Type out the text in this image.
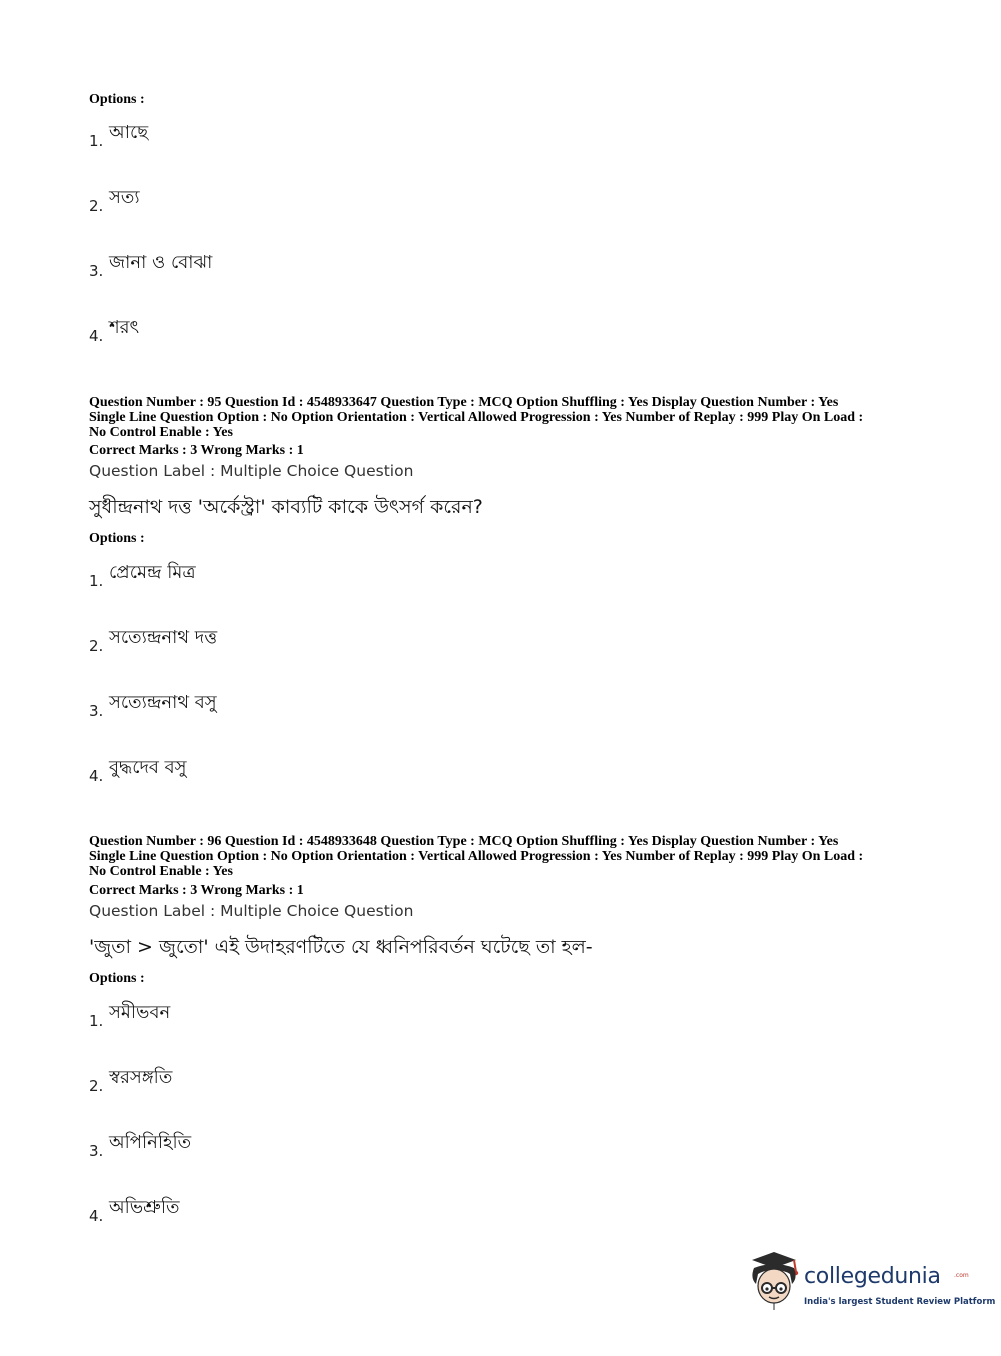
Options :
1. আছে
2. সত্য
3. জানা ও বোঝা
4. শরৎ
Question Number : 95 Question Id : 4548933647 Question Type : MCQ Option Shuffling : Yes Display Question Number : Yes
Single Line Question Option : No Option Orientation : Vertical Allowed Progression : Yes Number of Replay : 999 Play On Load :
No Control Enable : Yes
Correct Marks : 3 Wrong Marks : 1
Question Label : Multiple Choice Question
সুধীন্দ্রনাথ দত্ত 'অর্কেস্ট্রা' কাব্যটি কাকে উৎসর্গ করেন?
Options :
1. প্রেমেন্দ্র মিত্র
2. সত্যেন্দ্রনাথ দত্ত
3. সত্যেন্দ্রনাথ বসু
4. বুদ্ধদেব বসু
Question Number : 96 Question Id : 4548933648 Question Type : MCQ Option Shuffling : Yes Display Question Number : Yes
Single Line Question Option : No Option Orientation : Vertical Allowed Progression : Yes Number of Replay : 999 Play On Load :
No Control Enable : Yes
Correct Marks : 3 Wrong Marks : 1
Question Label : Multiple Choice Question
'জুতা > জুতো' এই উদাহরণটিতে যে ধ্বনিপরিবর্তন ঘটেছে তা হল-
Options :
1. সমীভবন
2. স্বরসঙ্গতি
3. অপিনিহিতি
4. অভিশ্রুতি
collegedunia .com
India's largest Student Review Platform
